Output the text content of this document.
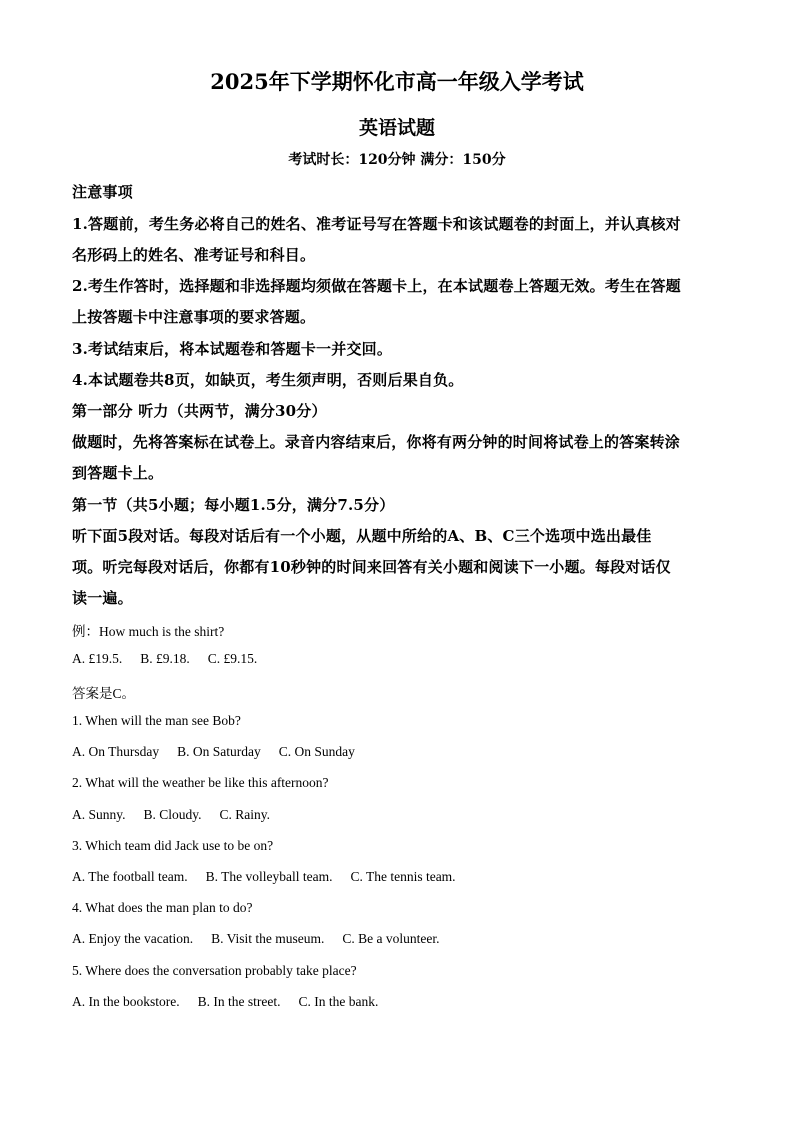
2025年下学期怀化市高一年级入学考试
英语试题
考试时长：120分钟 满分：150分
注意事项
1.答题前，考生务必将自己的姓名、准考证号写在答题卡和该试题卷的封面上，并认真核对
名形码上的姓名、准考证号和科目。
2.考生作答时，选择题和非选择题均须做在答题卡上，在本试题卷上答题无效。考生在答题
上按答题卡中注意事项的要求答题。
3.考试结束后，将本试题卷和答题卡一并交回。
4.本试题卷共8页，如缺页，考生须声明，否则后果自负。
第一部分 听力（共两节，满分30分）
做题时，先将答案标在试卷上。录音内容结束后，你将有两分钟的时间将试卷上的答案转涂
到答题卡上。
第一节（共5小题；每小题1.5分，满分7.5分）
听下面5段对话。每段对话后有一个小题，从题中所给的A、B、C三个选项中选出最佳
项。听完每段对话后，你都有10秒钟的时间来回答有关小题和阅读下一小题。每段对话仅
读一遍。
例：How much is the shirt?
A. £19.5. B. £9.18. C. £9.15.
答案是C。
1. When will the man see Bob?
A. On Thursday B. On Saturday C. On Sunday
2. What will the weather be like this afternoon?
A. Sunny. B. Cloudy. C. Rainy.
3. Which team did Jack use to be on?
A. The football team. B. The volleyball team. C. The tennis team.
4. What does the man plan to do?
A. Enjoy the vacation. B. Visit the museum. C. Be a volunteer.
5. Where does the conversation probably take place?
A. In the bookstore. B. In the street. C. In the bank.
